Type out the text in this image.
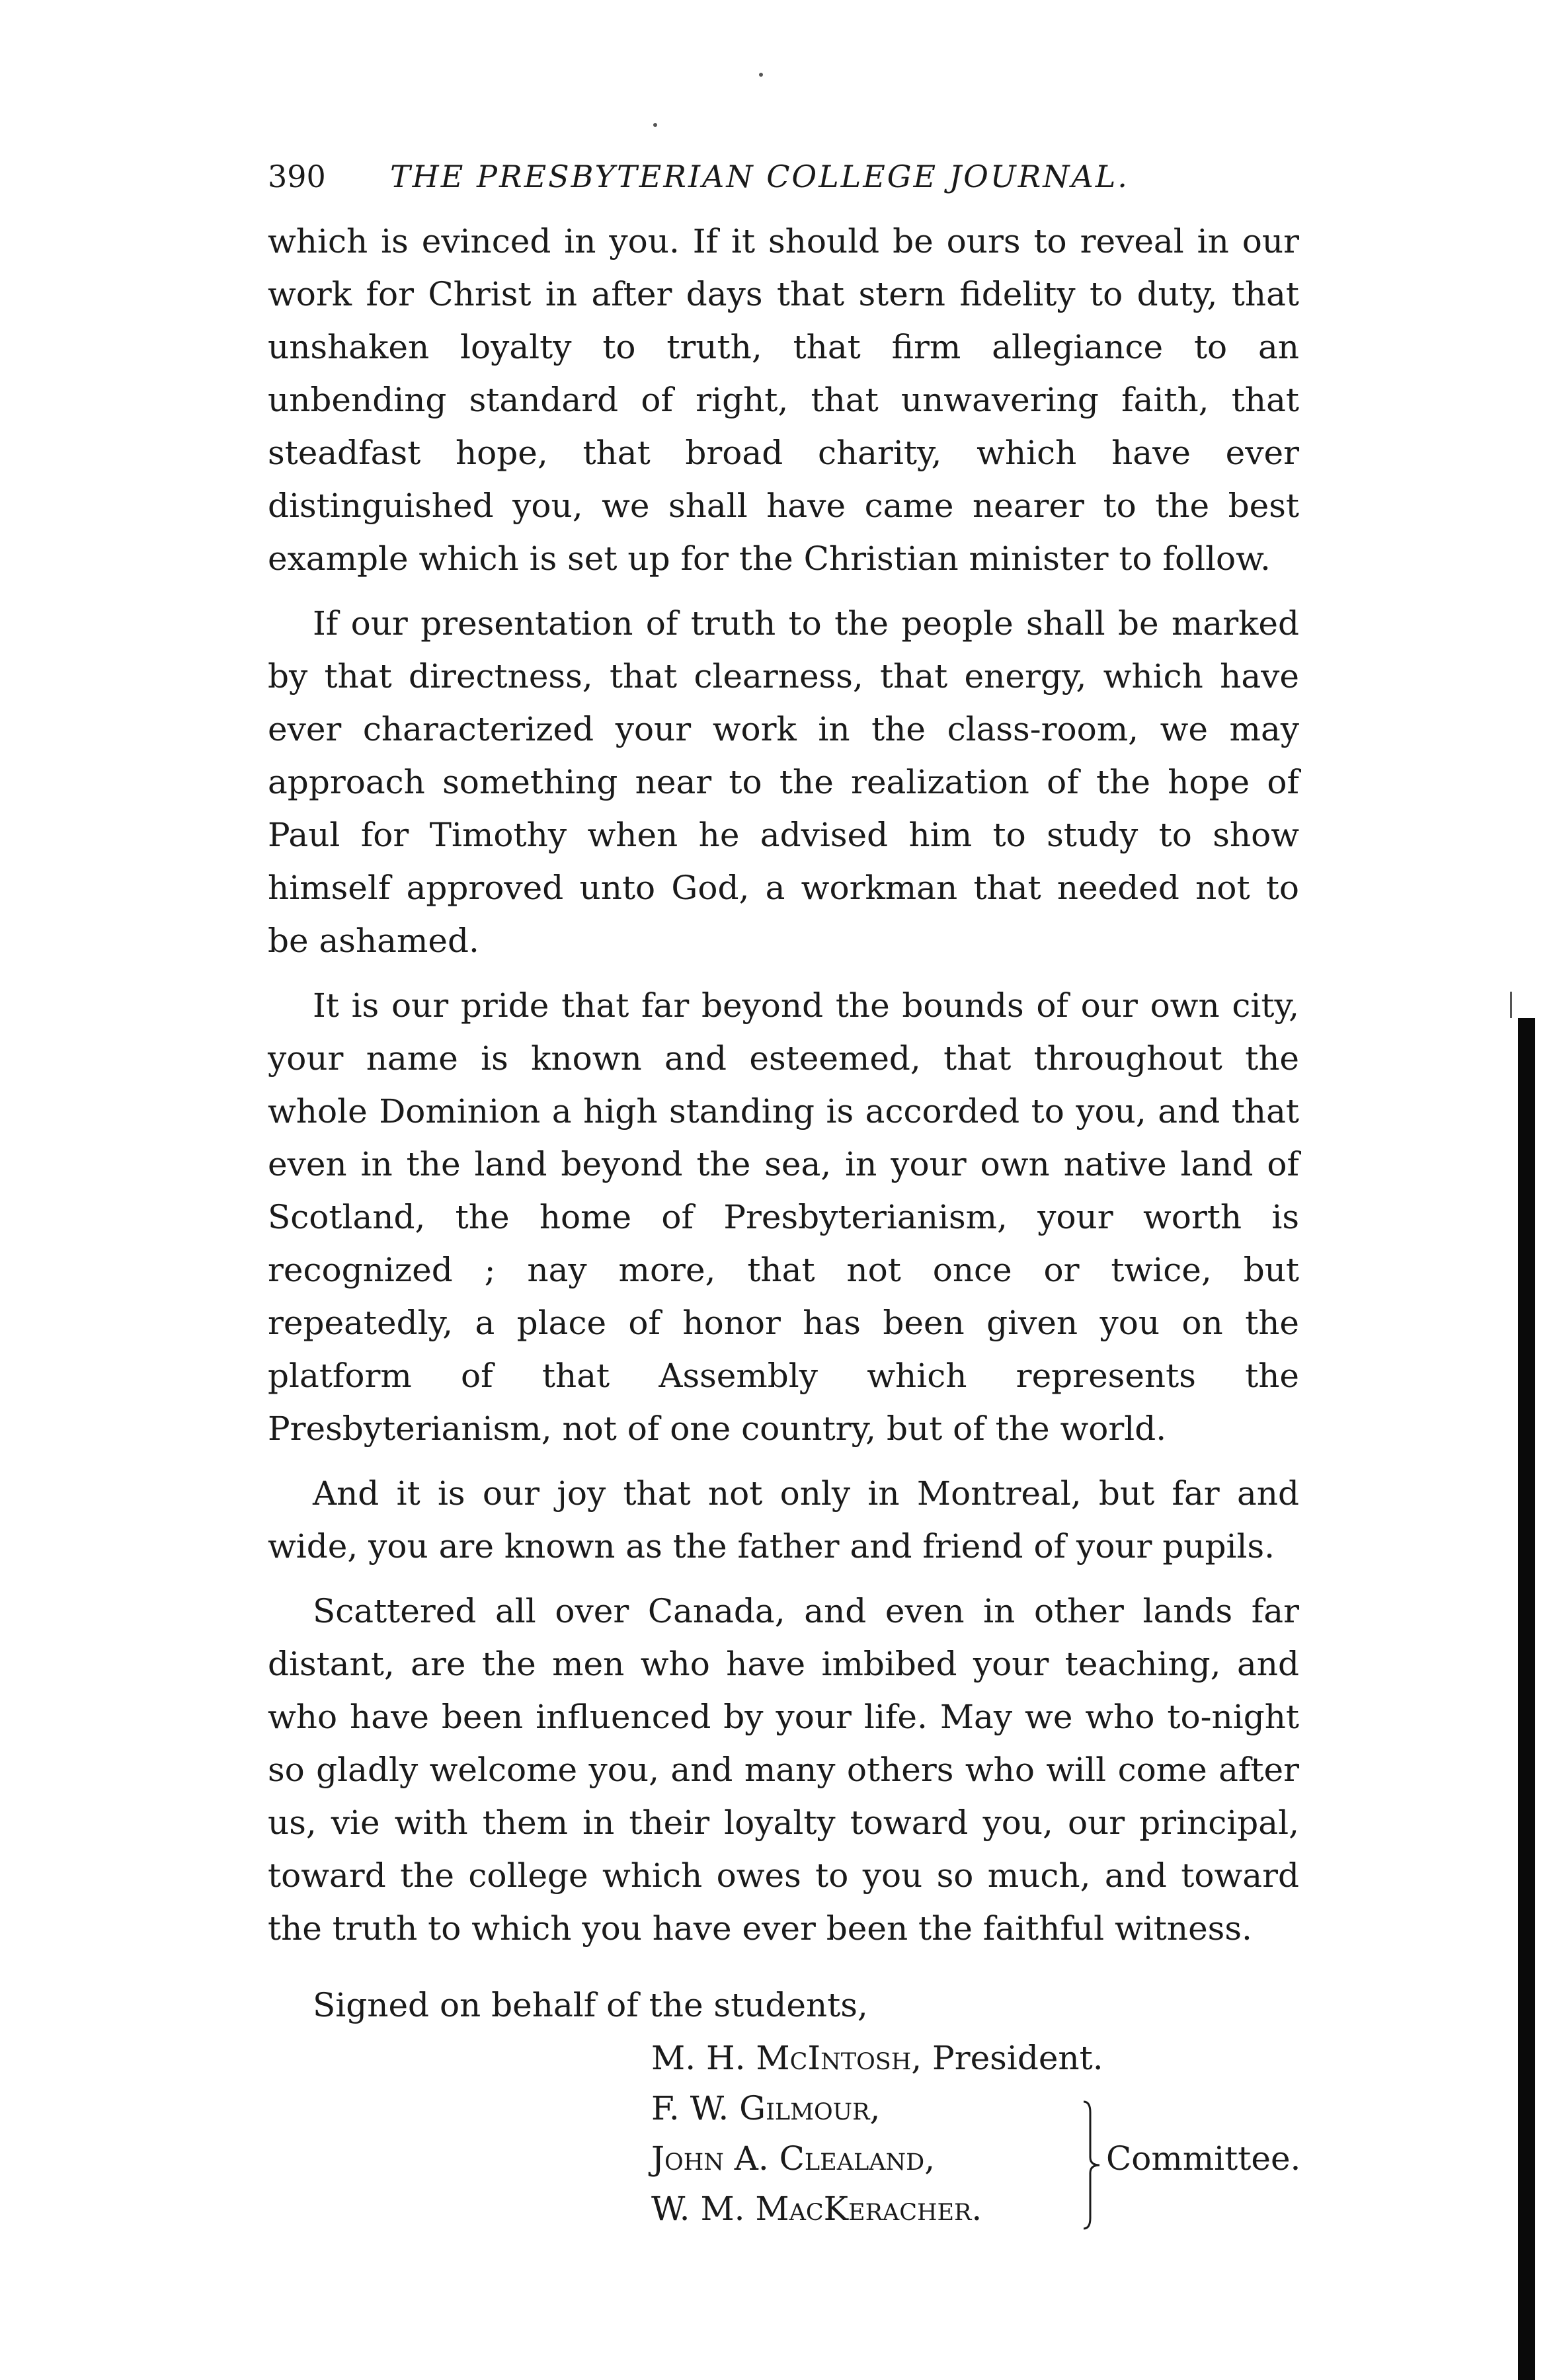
390 THE PRESBYTERIAN COLLEGE JOURNAL.

which is evinced in you. If it should be ours to reveal in our work for Christ in after days that stern fidelity to duty, that unshaken loyalty to truth, that firm allegiance to an unbending standard of right, that unwavering faith, that steadfast hope, that broad charity, which have ever distinguished you, we shall have came nearer to the best example which is set up for the Christian minister to follow.

If our presentation of truth to the people shall be marked by that directness, that clearness, that energy, which have ever characterized your work in the class-room, we may approach something near to the realization of the hope of Paul for Timothy when he advised him to study to show himself approved unto God, a workman that needed not to be ashamed.

It is our pride that far beyond the bounds of our own city, your name is known and esteemed, that throughout the whole Dominion a high standing is accorded to you, and that even in the land beyond the sea, in your own native land of Scotland, the home of Presbyterianism, your worth is recognized ; nay more, that not once or twice, but repeatedly, a place of honor has been given you on the platform of that Assembly which represents the Presbyterianism, not of one country, but of the world.

And it is our joy that not only in Montreal, but far and wide, you are known as the father and friend of your pupils.

Scattered all over Canada, and even in other lands far distant, are the men who have imbibed your teaching, and who have been influenced by your life. May we who to-night so gladly welcome you, and many others who will come after us, vie with them in their loyalty toward you, our principal, toward the college which owes to you so much, and toward the truth to which you have ever been the faithful witness.

Signed on behalf of the students,

M. H. McIntosh, President.
F. W. Gilmour,
John A. Clealand,
W. M. MacKeracher.
Committee.
